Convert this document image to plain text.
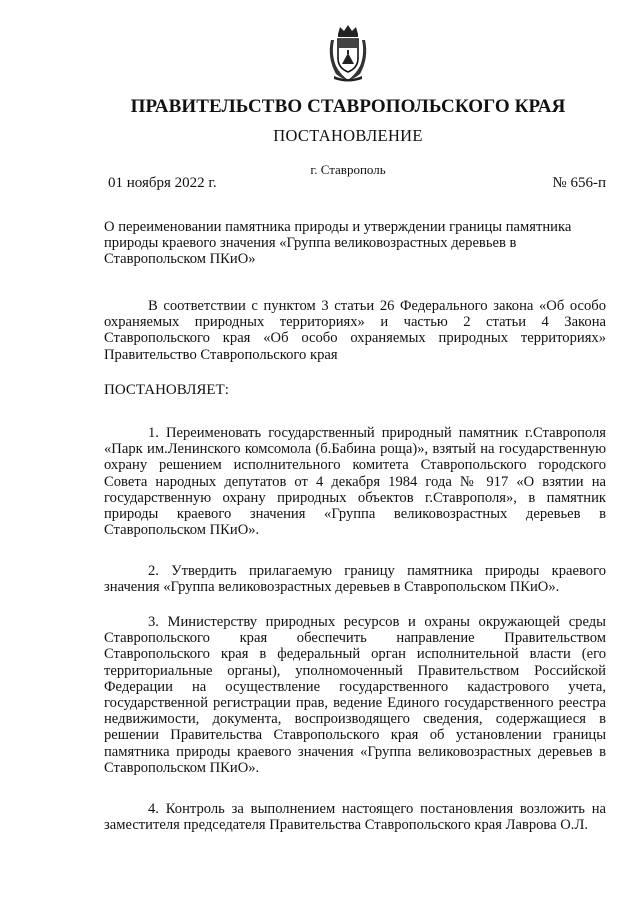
ПРАВИТЕЛЬСТВО СТАВРОПОЛЬСКОГО КРАЯ
ПОСТАНОВЛЕНИЕ
г. Ставрополь
01 ноября 2022 г.	№ 656-п

О переименовании памятника природы и утверждении границы памятника природы краевого значения «Группа великовозрастных деревьев в Ставропольском ПКиО»

В соответствии с пунктом 3 статьи 26 Федерального закона «Об особо охраняемых природных территориях» и частью 2 статьи 4 Закона Ставропольского края «Об особо охраняемых природных территориях» Правительство Ставропольского края

ПОСТАНОВЛЯЕТ:

1. Переименовать государственный природный памятник г.Ставрополя «Парк им.Ленинского комсомола (б.Бабина роща)», взятый на государственную охрану решением исполнительного комитета Ставропольского городского Совета народных депутатов от 4 декабря 1984 года № 917 «О взятии на государственную охрану природных объектов г.Ставрополя», в памятник природы краевого значения «Группа великовозрастных деревьев в Ставропольском ПКиО».

2. Утвердить прилагаемую границу памятника природы краевого значения «Группа великовозрастных деревьев в Ставропольском ПКиО».

3. Министерству природных ресурсов и охраны окружающей среды Ставропольского края обеспечить направление Правительством Ставропольского края в федеральный орган исполнительной власти (его территориальные органы), уполномоченный Правительством Российской Федерации на осуществление государственного кадастрового учета, государственной регистрации прав, ведение Единого государственного реестра недвижимости, документа, воспроизводящего сведения, содержащиеся в решении Правительства Ставропольского края об установлении границы памятника природы краевого значения «Группа великовозрастных деревьев в Ставропольском ПКиО».

4. Контроль за выполнением настоящего постановления возложить на заместителя председателя Правительства Ставропольского края Лаврова О.Л.
